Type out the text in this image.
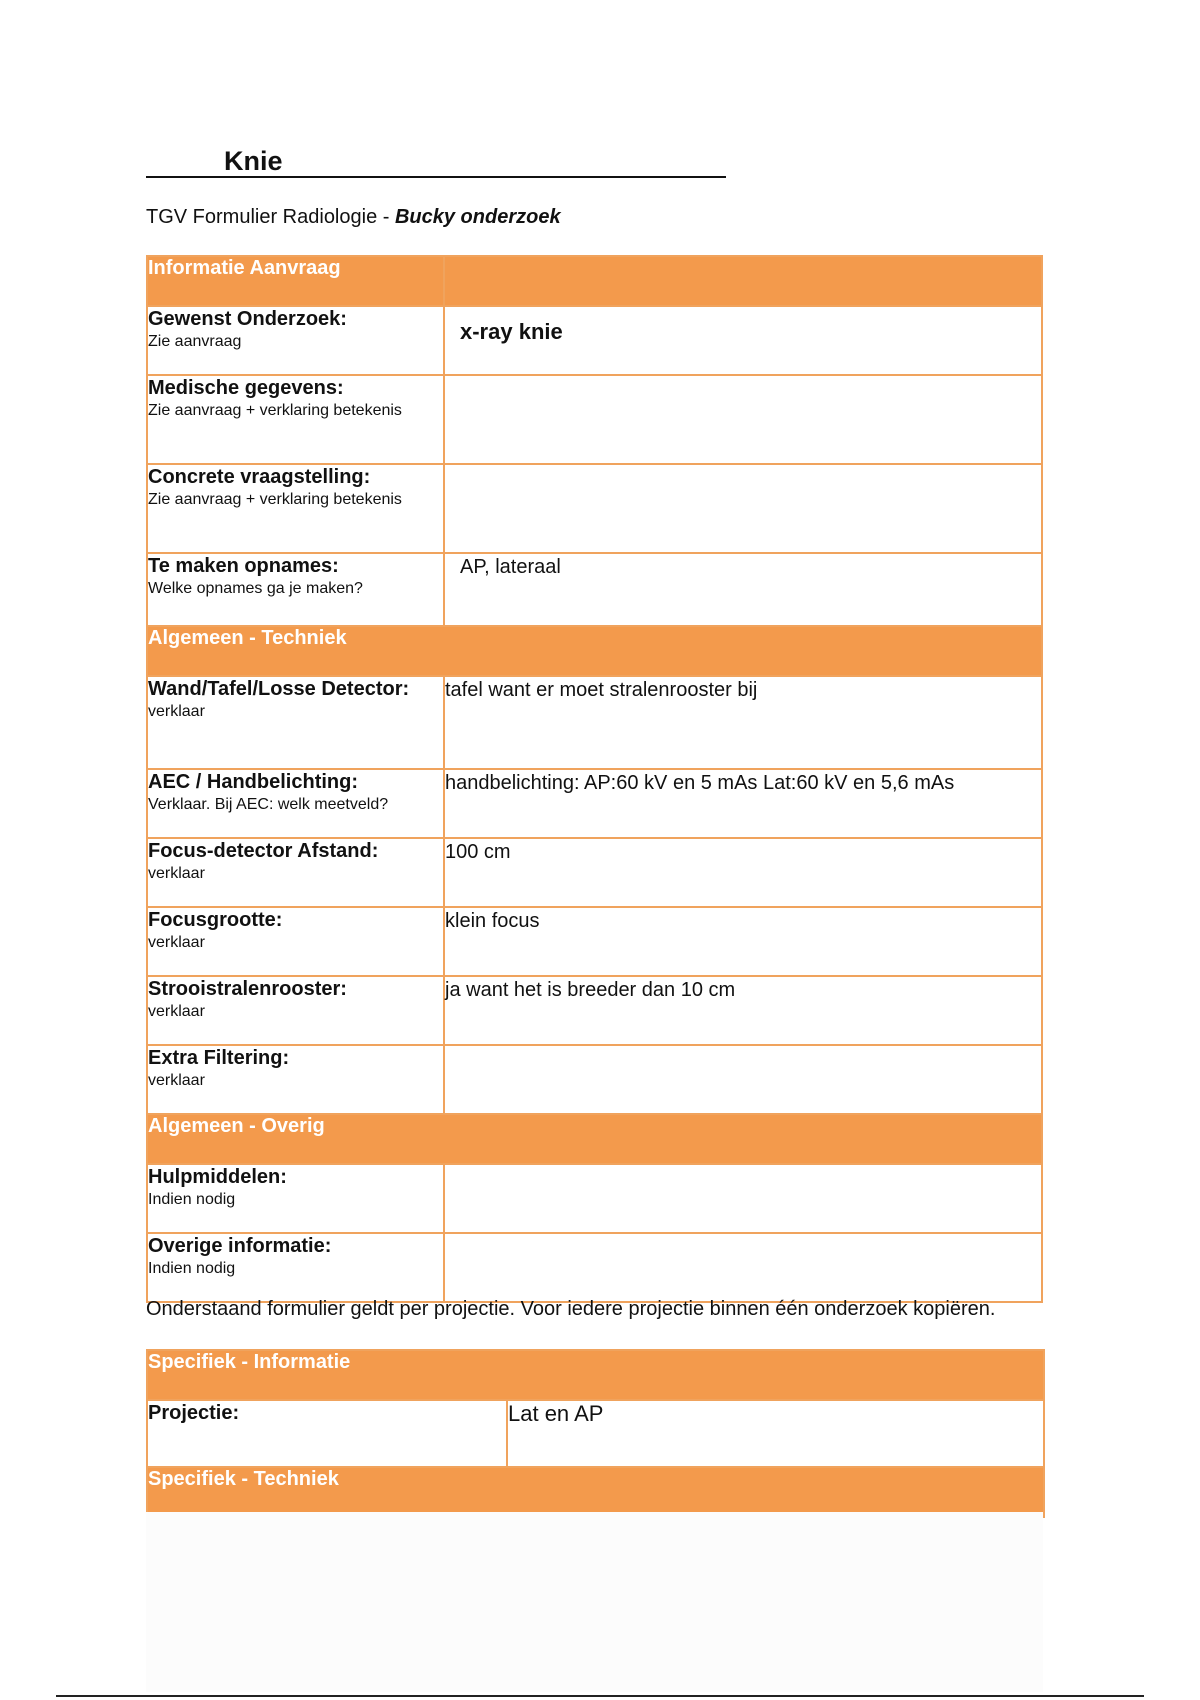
Knie
TGV Formulier Radiologie - Bucky onderzoek
Informatie Aanvraag	

Gewenst Onderzoek:
Zie aanvraag	x-ray knie

Medische gegevens:
Zie aanvraag + verklaring betekenis	

Concrete vraagstelling:
Zie aanvraag + verklaring betekenis	

Te maken opnames:
Welke opnames ga je maken?	AP, lateraal
Algemeen - Techniek	

Wand/Tafel/Losse Detector:
verklaar	tafel want er moet stralenrooster bij

AEC / Handbelichting:
Verklaar. Bij AEC: welk meetveld?	handbelichting: AP:60 kV en 5 mAs Lat:60 kV en 5,6 mAs

Focus-detector Afstand:
verklaar	100 cm

Focusgrootte:
verklaar	klein focus

Strooistralenrooster:
verklaar	ja want het is breeder dan 10 cm

Extra Filtering:
verklaar	

Algemeen - Overig	

Hulpmiddelen:
Indien nodig	

Overige informatie:
Indien nodig	

Onderstaand formulier geldt per projectie. Voor iedere projectie binnen één onderzoek kopiëren.
Specifiek - Informatie

Projectie:	Lat en AP
Specifiek - Techniek
